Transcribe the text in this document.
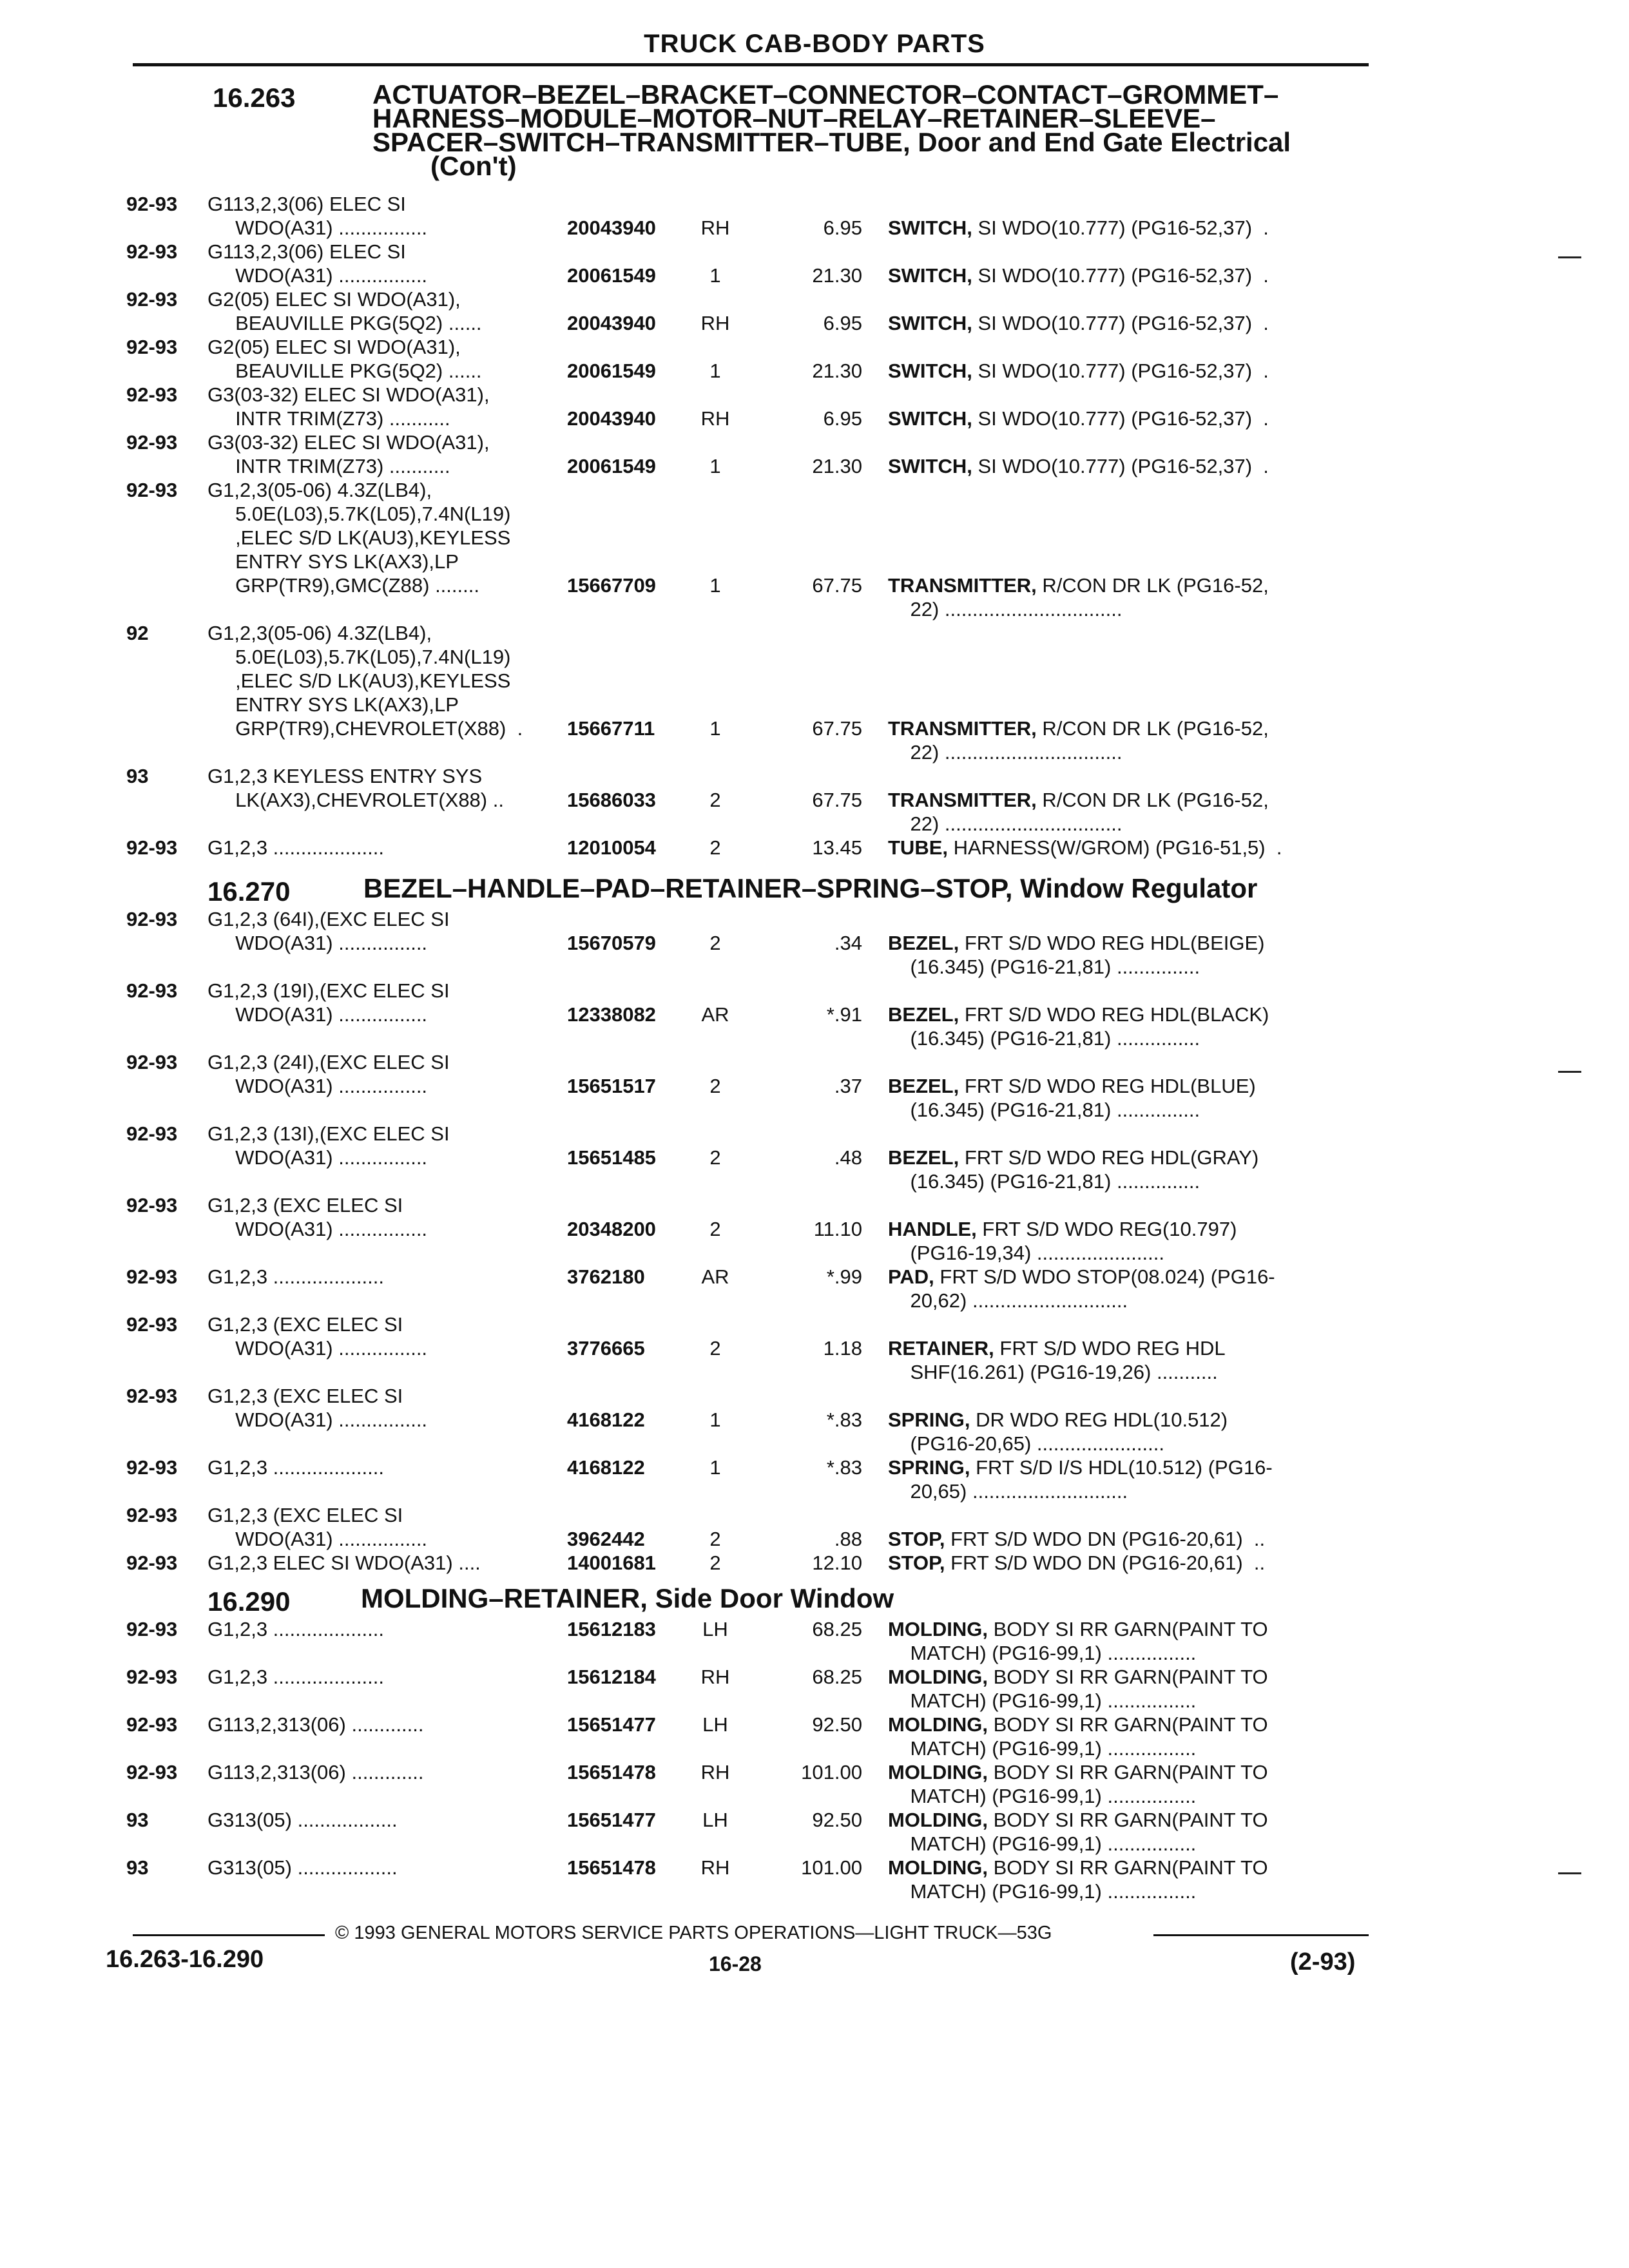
TRUCK CAB-BODY PARTS
16.263	ACTUATOR–BEZEL–BRACKET–CONNECTOR–CONTACT–GROMMET–
HARNESS–MODULE–MOTOR–NUT–RELAY–RETAINER–SLEEVE–
SPACER–SWITCH–TRANSMITTER–TUBE, Door and End Gate Electrical
(Con't)
92-93 G113,2,3(06) ELEC SI
WDO(A31) ................	20043940	RH	6.95 SWITCH, SI WDO(10.777) (PG16-52,37)  .
92-93 G113,2,3(06) ELEC SI
WDO(A31) ................	20061549	1	21.30 SWITCH, SI WDO(10.777) (PG16-52,37)  .
92-93 G2(05) ELEC SI WDO(A31),
BEAUVILLE PKG(5Q2) ......	20043940	RH	6.95 SWITCH, SI WDO(10.777) (PG16-52,37)  .
92-93 G2(05) ELEC SI WDO(A31),
BEAUVILLE PKG(5Q2) ......	20061549	1	21.30 SWITCH, SI WDO(10.777) (PG16-52,37)  .
92-93 G3(03-32) ELEC SI WDO(A31),
INTR TRIM(Z73) ...........	20043940	RH	6.95 SWITCH, SI WDO(10.777) (PG16-52,37)  .
92-93 G3(03-32) ELEC SI WDO(A31),
INTR TRIM(Z73) ...........	20061549	1	21.30 SWITCH, SI WDO(10.777) (PG16-52,37)  .
92-93 G1,2,3(05-06) 4.3Z(LB4),
5.0E(L03),5.7K(L05),7.4N(L19)
,ELEC S/D LK(AU3),KEYLESS
ENTRY SYS LK(AX3),LP
GRP(TR9),GMC(Z88) ........	15667709	1	67.75 TRANSMITTER, R/CON DR LK (PG16-52,
22) ................................
92	G1,2,3(05-06) 4.3Z(LB4),
5.0E(L03),5.7K(L05),7.4N(L19)
,ELEC S/D LK(AU3),KEYLESS
ENTRY SYS LK(AX3),LP
GRP(TR9),CHEVROLET(X88)  . 15667711	1	67.75 TRANSMITTER, R/CON DR LK (PG16-52,
22) ................................
93	G1,2,3 KEYLESS ENTRY SYS
LK(AX3),CHEVROLET(X88) ..	15686033	2	67.75 TRANSMITTER, R/CON DR LK (PG16-52,
22) ................................
92-93 G1,2,3 ....................	12010054	2	13.45 TUBE, HARNESS(W/GROM) (PG16-51,5)  .
16.270	BEZEL–HANDLE–PAD–RETAINER–SPRING–STOP, Window Regulator
92-93 G1,2,3 (64I),(EXC ELEC SI
WDO(A31) ................	15670579	2	.34 BEZEL, FRT S/D WDO REG HDL(BEIGE)
(16.345) (PG16-21,81) ...............
92-93 G1,2,3 (19I),(EXC ELEC SI
WDO(A31) ................	12338082	AR	*.91 BEZEL, FRT S/D WDO REG HDL(BLACK)
(16.345) (PG16-21,81) ...............
92-93 G1,2,3 (24I),(EXC ELEC SI
WDO(A31) ................	15651517	2	.37 BEZEL, FRT S/D WDO REG HDL(BLUE)
(16.345) (PG16-21,81) ...............
92-93 G1,2,3 (13I),(EXC ELEC SI
WDO(A31) ................	15651485	2	.48 BEZEL, FRT S/D WDO REG HDL(GRAY)
(16.345) (PG16-21,81) ...............
92-93 G1,2,3 (EXC ELEC SI
WDO(A31) ................	20348200	2	11.10 HANDLE, FRT S/D WDO REG(10.797)
(PG16-19,34) .......................
92-93 G1,2,3 ....................	3762180	AR	*.99 PAD, FRT S/D WDO STOP(08.024) (PG16-
20,62) ............................
92-93 G1,2,3 (EXC ELEC SI
WDO(A31) ................	3776665	2	1.18 RETAINER, FRT S/D WDO REG HDL
SHF(16.261) (PG16-19,26) ...........
92-93 G1,2,3 (EXC ELEC SI
WDO(A31) ................	4168122	1	*.83 SPRING, DR WDO REG HDL(10.512)
(PG16-20,65) .......................
92-93 G1,2,3 ....................	4168122	1	*.83 SPRING, FRT S/D I/S HDL(10.512) (PG16-
20,65) ............................
92-93 G1,2,3 (EXC ELEC SI
WDO(A31) ................	3962442	2	.88 STOP, FRT S/D WDO DN (PG16-20,61)  ..
92-93 G1,2,3 ELEC SI WDO(A31) ....	14001681	2	12.10 STOP, FRT S/D WDO DN (PG16-20,61)  ..
16.290	MOLDING–RETAINER, Side Door Window
92-93 G1,2,3 ....................	15612183	LH	68.25 MOLDING, BODY SI RR GARN(PAINT TO
MATCH) (PG16-99,1) ................
92-93 G1,2,3 ....................	15612184	RH	68.25 MOLDING, BODY SI RR GARN(PAINT TO
MATCH) (PG16-99,1) ................
92-93 G113,2,313(06) .............	15651477	LH	92.50 MOLDING, BODY SI RR GARN(PAINT TO
MATCH) (PG16-99,1) ................
92-93 G113,2,313(06) .............	15651478	RH	101.00 MOLDING, BODY SI RR GARN(PAINT TO
MATCH) (PG16-99,1) ................
93	G313(05) ..................	15651477	LH	92.50 MOLDING, BODY SI RR GARN(PAINT TO
MATCH) (PG16-99,1) ................
93	G313(05) ..................	15651478	RH	101.00 MOLDING, BODY SI RR GARN(PAINT TO
MATCH) (PG16-99,1) ................
© 1993 GENERAL MOTORS SERVICE PARTS OPERATIONS—LIGHT TRUCK—53G
16.263-16.290	16-28	(2-93)
